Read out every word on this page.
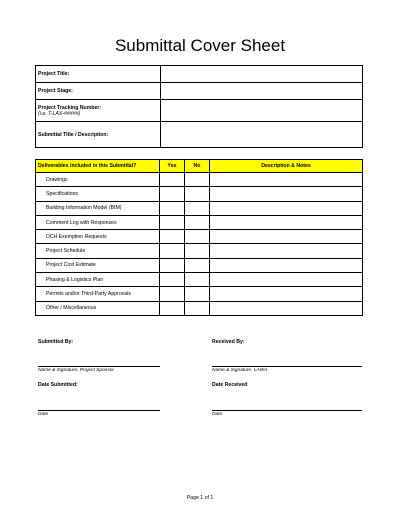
Submittal Cover Sheet
Project Title:	
Project Stage:	
Project Tracking Number:
(i.e. T-LAX-#####)	

Submittal Title / Description:	
Deliverables Included in this Submittal?	Yes	No	Description & Notes
Drawings			
Specifications			
Building Information Model (BIM)			
Comment Log with Responses			
DCH Exemption Requests			
Project Schedule			
Project Cost Estimate			
Phasing & Logistics Plan			
Permits and/or Third-Party Approvals			
Other / Miscellaneous			
Submitted By:	Received By:
Name & Signature, Project Sponsor	Name & Signature, LAWA
Date Submitted:	Date Received
Date	Date
Page 1 of 1
